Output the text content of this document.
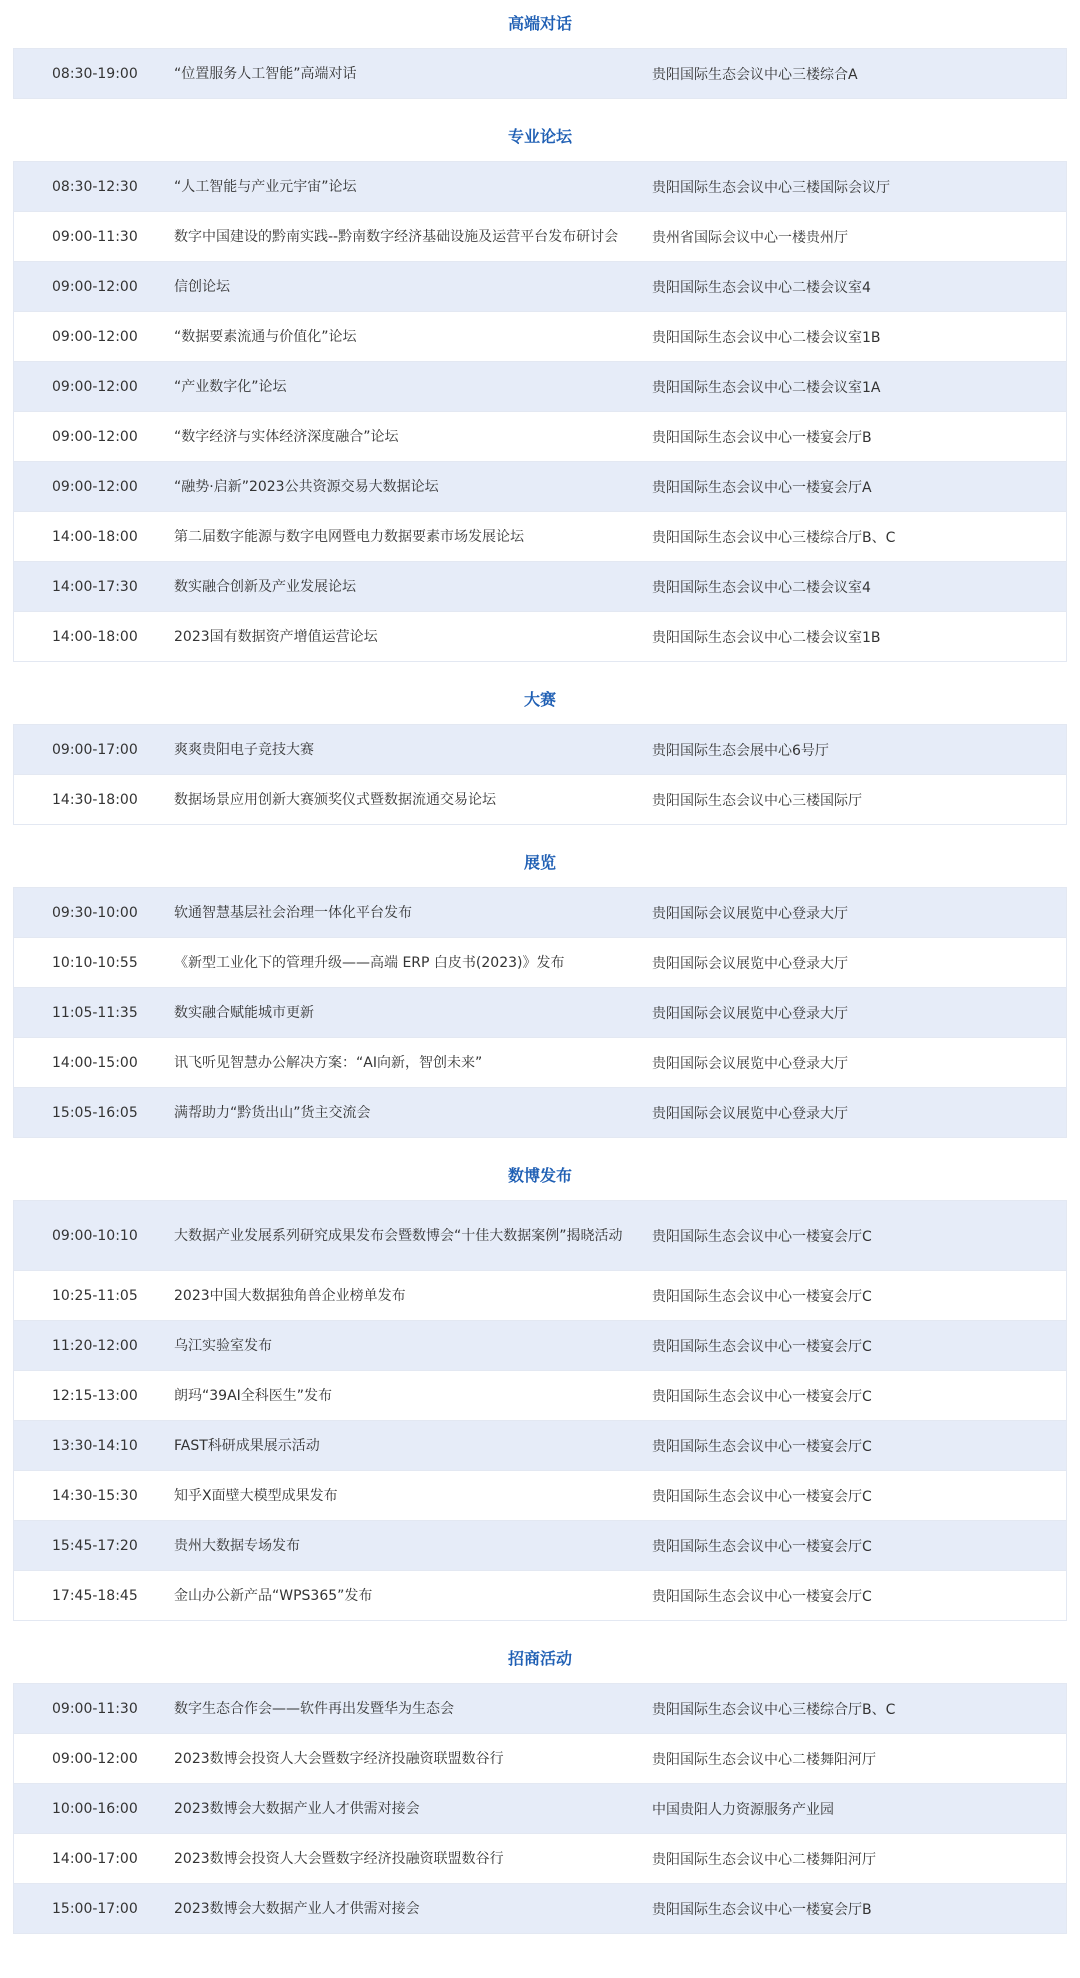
高端对话
08:30-19:00	“位置服务人工智能”高端对话	贵阳国际生态会议中心三楼综合A
专业论坛
08:30-12:30	“人工智能与产业元宇宙”论坛	贵阳国际生态会议中心三楼国际会议厅
09:00-11:30	数字中国建设的黔南实践--黔南数字经济基础设施及运营平台发布研讨会	贵州省国际会议中心一楼贵州厅
09:00-12:00	信创论坛	贵阳国际生态会议中心二楼会议室4
09:00-12:00	“数据要素流通与价值化”论坛	贵阳国际生态会议中心二楼会议室1B
09:00-12:00	“产业数字化”论坛	贵阳国际生态会议中心二楼会议室1A
09:00-12:00	“数字经济与实体经济深度融合”论坛	贵阳国际生态会议中心一楼宴会厅B
09:00-12:00	“融势·启新”2023公共资源交易大数据论坛	贵阳国际生态会议中心一楼宴会厅A
14:00-18:00	第二届数字能源与数字电网暨电力数据要素市场发展论坛	贵阳国际生态会议中心三楼综合厅B、C
14:00-17:30	数实融合创新及产业发展论坛	贵阳国际生态会议中心二楼会议室4
14:00-18:00	2023国有数据资产增值运营论坛	贵阳国际生态会议中心二楼会议室1B
大赛
09:00-17:00	爽爽贵阳电子竞技大赛	贵阳国际生态会展中心6号厅
14:30-18:00	数据场景应用创新大赛颁奖仪式暨数据流通交易论坛	贵阳国际生态会议中心三楼国际厅
展览
09:30-10:00	软通智慧基层社会治理一体化平台发布	贵阳国际会议展览中心登录大厅
10:10-10:55	《新型工业化下的管理升级——高端 ERP 白皮书(2023)》发布	贵阳国际会议展览中心登录大厅
11:05-11:35	数实融合赋能城市更新	贵阳国际会议展览中心登录大厅
14:00-15:00	讯飞听见智慧办公解决方案：“AI向新，智创未来”	贵阳国际会议展览中心登录大厅
15:05-16:05	满帮助力“黔货出山”货主交流会	贵阳国际会议展览中心登录大厅
数博发布
09:00-10:10	大数据产业发展系列研究成果发布会暨数博会“十佳大数据案例”揭晓活动	贵阳国际生态会议中心一楼宴会厅C
10:25-11:05	2023中国大数据独角兽企业榜单发布	贵阳国际生态会议中心一楼宴会厅C
11:20-12:00	乌江实验室发布	贵阳国际生态会议中心一楼宴会厅C
12:15-13:00	朗玛“39AI全科医生”发布	贵阳国际生态会议中心一楼宴会厅C
13:30-14:10	FAST科研成果展示活动	贵阳国际生态会议中心一楼宴会厅C
14:30-15:30	知乎X面壁大模型成果发布	贵阳国际生态会议中心一楼宴会厅C
15:45-17:20	贵州大数据专场发布	贵阳国际生态会议中心一楼宴会厅C
17:45-18:45	金山办公新产品“WPS365”发布	贵阳国际生态会议中心一楼宴会厅C
招商活动
09:00-11:30	数字生态合作会——软件再出发暨华为生态会	贵阳国际生态会议中心三楼综合厅B、C
09:00-12:00	2023数博会投资人大会暨数字经济投融资联盟数谷行	贵阳国际生态会议中心二楼舞阳河厅
10:00-16:00	2023数博会大数据产业人才供需对接会	中国贵阳人力资源服务产业园
14:00-17:00	2023数博会投资人大会暨数字经济投融资联盟数谷行	贵阳国际生态会议中心二楼舞阳河厅
15:00-17:00	2023数博会大数据产业人才供需对接会	贵阳国际生态会议中心一楼宴会厅B
